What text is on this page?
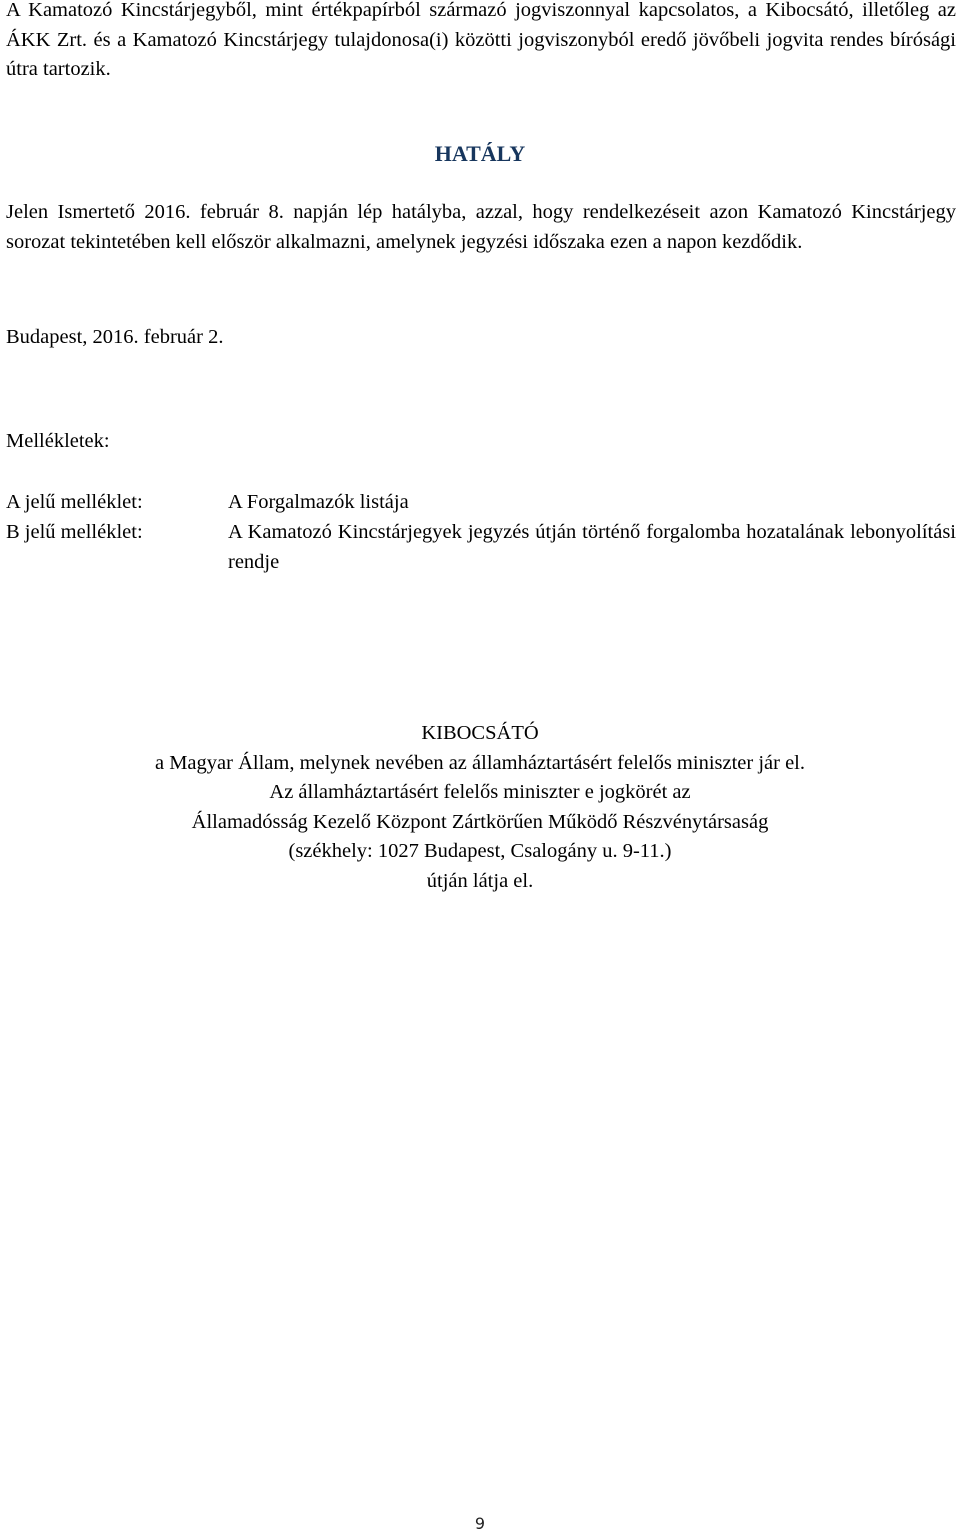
A Kamatozó Kincstárjegyből, mint értékpapírból származó jogviszonnyal kapcsolatos, a Kibocsátó, illetőleg az ÁKK Zrt. és a Kamatozó Kincstárjegy tulajdonosa(i) közötti jogviszonyból eredő jövőbeli jogvita rendes bírósági útra tartozik.

HATÁLY

Jelen Ismertető 2016. február 8. napján lép hatályba, azzal, hogy rendelkezéseit azon Kamatozó Kincstárjegy sorozat tekintetében kell először alkalmazni, amelynek jegyzési időszaka ezen a napon kezdődik.

Budapest, 2016. február 2.

Mellékletek:

A jelű melléklet:	A Forgalmazók listája
B jelű melléklet:	A Kamatozó Kincstárjegyek jegyzés útján történő forgalomba hozatalának lebonyolítási rendje
KIBOCSÁTÓ
a Magyar Állam, melynek nevében az államháztartásért felelős miniszter jár el.
Az államháztartásért felelős miniszter e jogkörét az
Államadósság Kezelő Központ Zártkörűen Működő Részvénytársaság
(székhely: 1027 Budapest, Csalogány u. 9-11.)
útján látja el.
9
